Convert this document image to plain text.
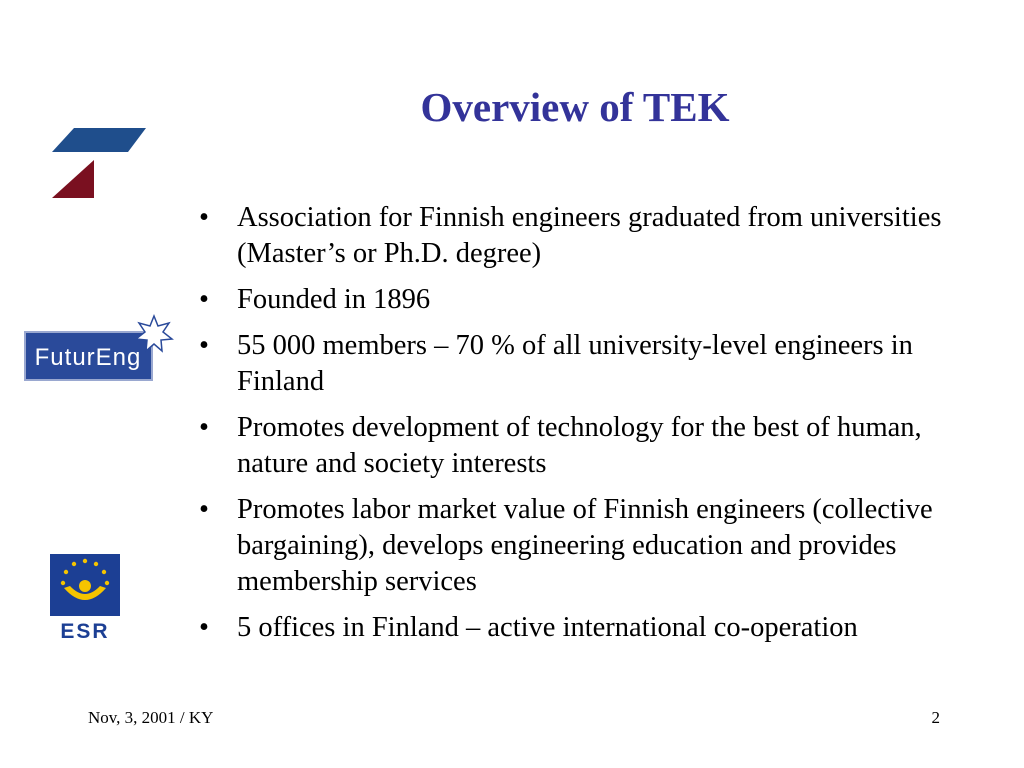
FuturEng
ESR
Overview of TEK
• Association for Finnish engineers graduated from universities (Master’s or Ph.D. degree)
• Founded in 1896
• 55 000 members – 70 % of all university-level engineers in Finland
• Promotes development of technology for the best of human, nature and society interests
• Promotes labor market value of Finnish engineers (collective bargaining), develops engineering education and provides membership services
• 5 offices in Finland – active international co-operation
Nov, 3, 2001 / KY	2
